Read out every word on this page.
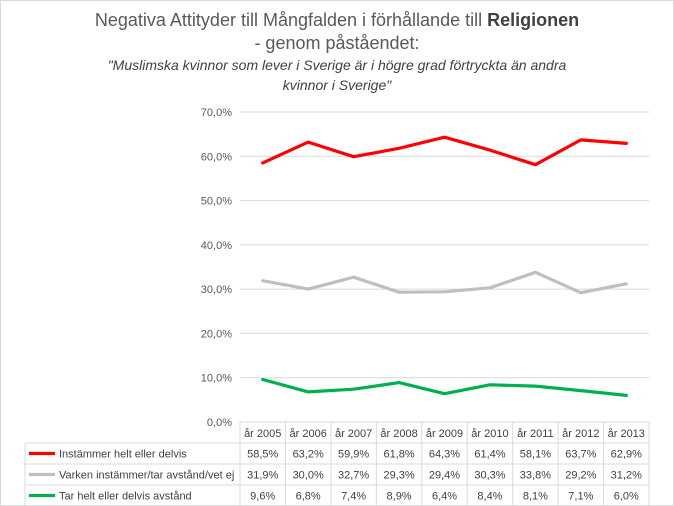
Negativa Attityder till Mångfalden i förhållande till Religionen
- genom påståendet:
"Muslimska kvinnor som lever i Sverige är i högre grad förtryckta än andra
kvinnor i Sverige"
0,0%
10,0%
20,0%
30,0%
40,0%
50,0%
60,0%
70,0%
år 2005 år 2006 år 2007 år 2008 år 2009 år 2010 år 2011 år 2012 år 2013
Instämmer helt eller delvis	58,5% 63,2% 59,9% 61,8% 64,3% 61,4% 58,1% 63,7% 62,9%
Varken instämmer/tar avstånd/vet ej 31,9% 30,0% 32,7% 29,3% 29,4% 30,3% 33,8% 29,2% 31,2%
Tar helt eller delvis avstånd	9,6% 6,8% 7,4% 8,9% 6,4% 8,4% 8,1% 7,1% 6,0%
